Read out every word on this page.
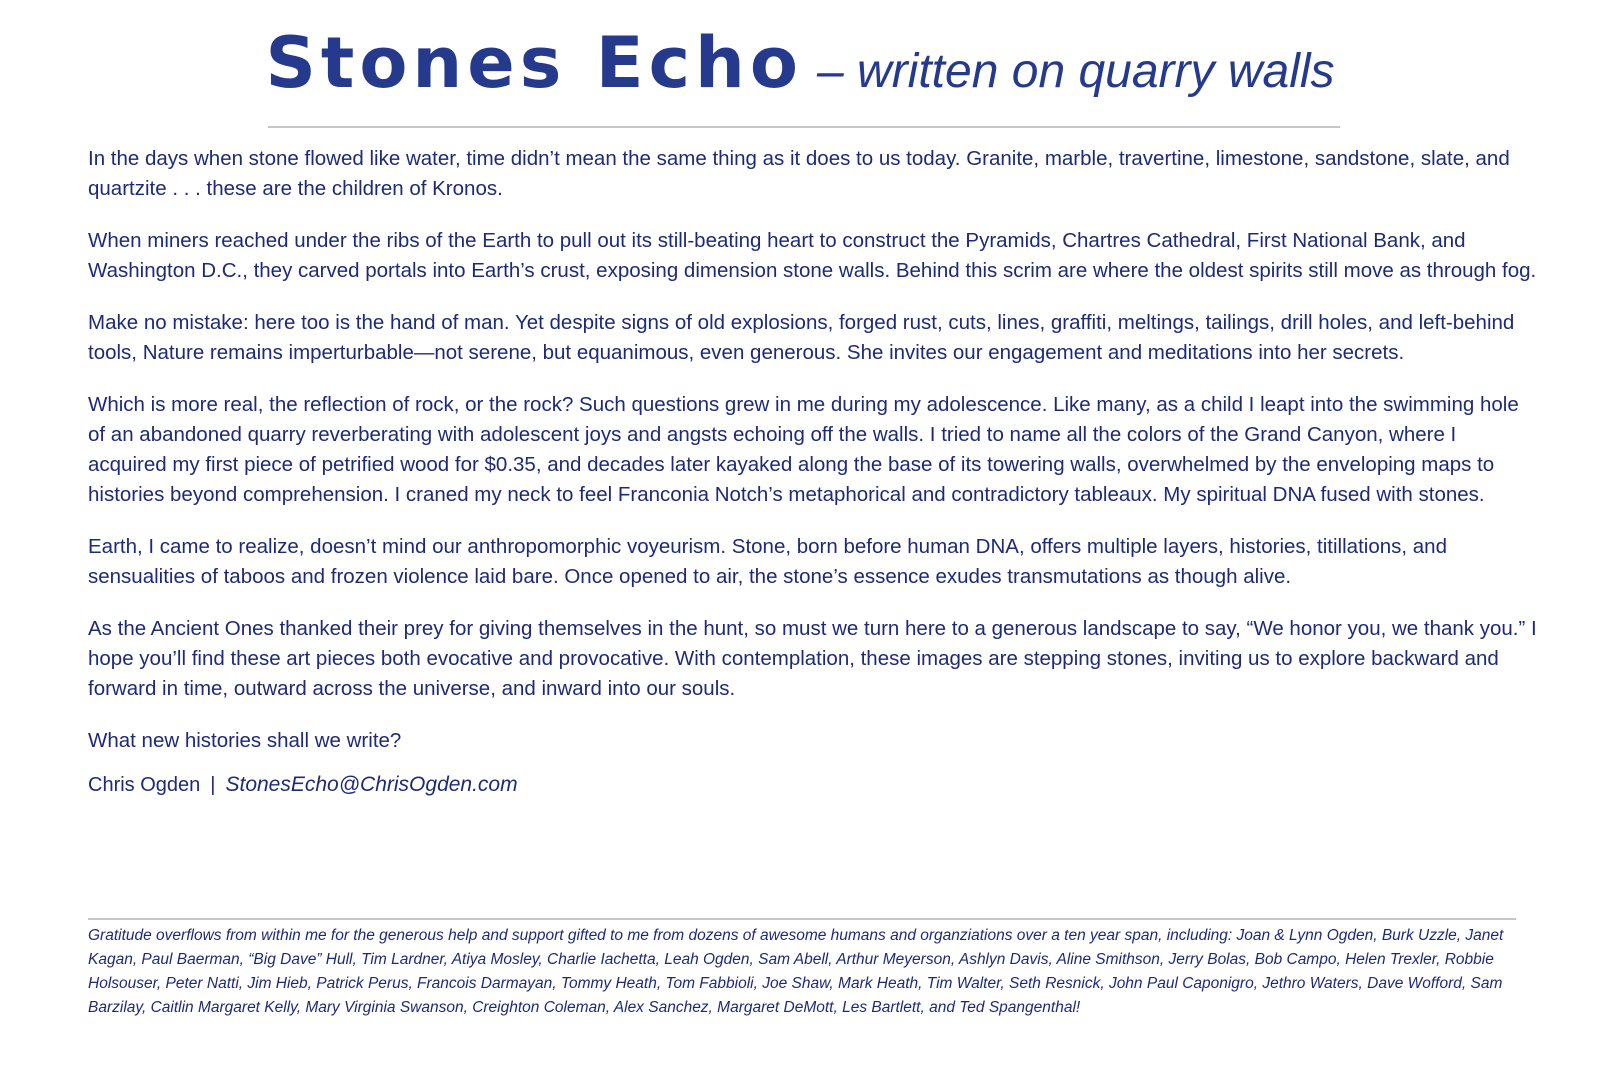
Stones Echo – written on quarry walls

In the days when stone flowed like water, time didn’t mean the same thing as it does to us today. Granite, marble, travertine, limestone, sandstone, slate, and quartzite . . . these are the children of Kronos.

When miners reached under the ribs of the Earth to pull out its still-beating heart to construct the Pyramids, Chartres Cathedral, First National Bank, and Washington D.C., they carved portals into Earth’s crust, exposing dimension stone walls. Behind this scrim are where the oldest spirits still move as through fog.

Make no mistake: here too is the hand of man. Yet despite signs of old explosions, forged rust, cuts, lines, graffiti, meltings, tailings, drill holes, and left-behind tools, Nature remains imperturbable—not serene, but equanimous, even generous. She invites our engagement and meditations into her secrets.

Which is more real, the reflection of rock, or the rock? Such questions grew in me during my adolescence. Like many, as a child I leapt into the swimming hole of an abandoned quarry reverberating with adolescent joys and angsts echoing off the walls. I tried to name all the colors of the Grand Canyon, where I acquired my first piece of petrified wood for $0.35, and decades later kayaked along the base of its towering walls, overwhelmed by the enveloping maps to histories beyond comprehension. I craned my neck to feel Franconia Notch’s metaphorical and contradictory tableaux. My spiritual DNA fused with stones.

Earth, I came to realize, doesn’t mind our anthropomorphic voyeurism. Stone, born before human DNA, offers multiple layers, histories, titillations, and sensualities of taboos and frozen violence laid bare. Once opened to air, the stone’s essence exudes transmutations as though alive.

As the Ancient Ones thanked their prey for giving themselves in the hunt, so must we turn here to a generous landscape to say, “We honor you, we thank you.” I hope you’ll find these art pieces both evocative and provocative. With contemplation, these images are stepping stones, inviting us to explore backward and forward in time, outward across the universe, and inward into our souls.

What new histories shall we write?

Chris Ogden | StonesEcho@ChrisOgden.com

Gratitude overflows from within me for the generous help and support gifted to me from dozens of awesome humans and organziations over a ten year span, including: Joan & Lynn Ogden, Burk Uzzle, Janet Kagan, Paul Baerman, “Big Dave” Hull, Tim Lardner, Atiya Mosley, Charlie Iachetta, Leah Ogden, Sam Abell, Arthur Meyerson, Ashlyn Davis, Aline Smithson, Jerry Bolas, Bob Campo, Helen Trexler, Robbie Holsouser, Peter Natti, Jim Hieb, Patrick Perus, Francois Darmayan, Tommy Heath, Tom Fabbioli, Joe Shaw, Mark Heath, Tim Walter, Seth Resnick, John Paul Caponigro, Jethro Waters, Dave Wofford, Sam Barzilay, Caitlin Margaret Kelly, Mary Virginia Swanson, Creighton Coleman, Alex Sanchez, Margaret DeMott, Les Bartlett, and Ted Spangenthal!
